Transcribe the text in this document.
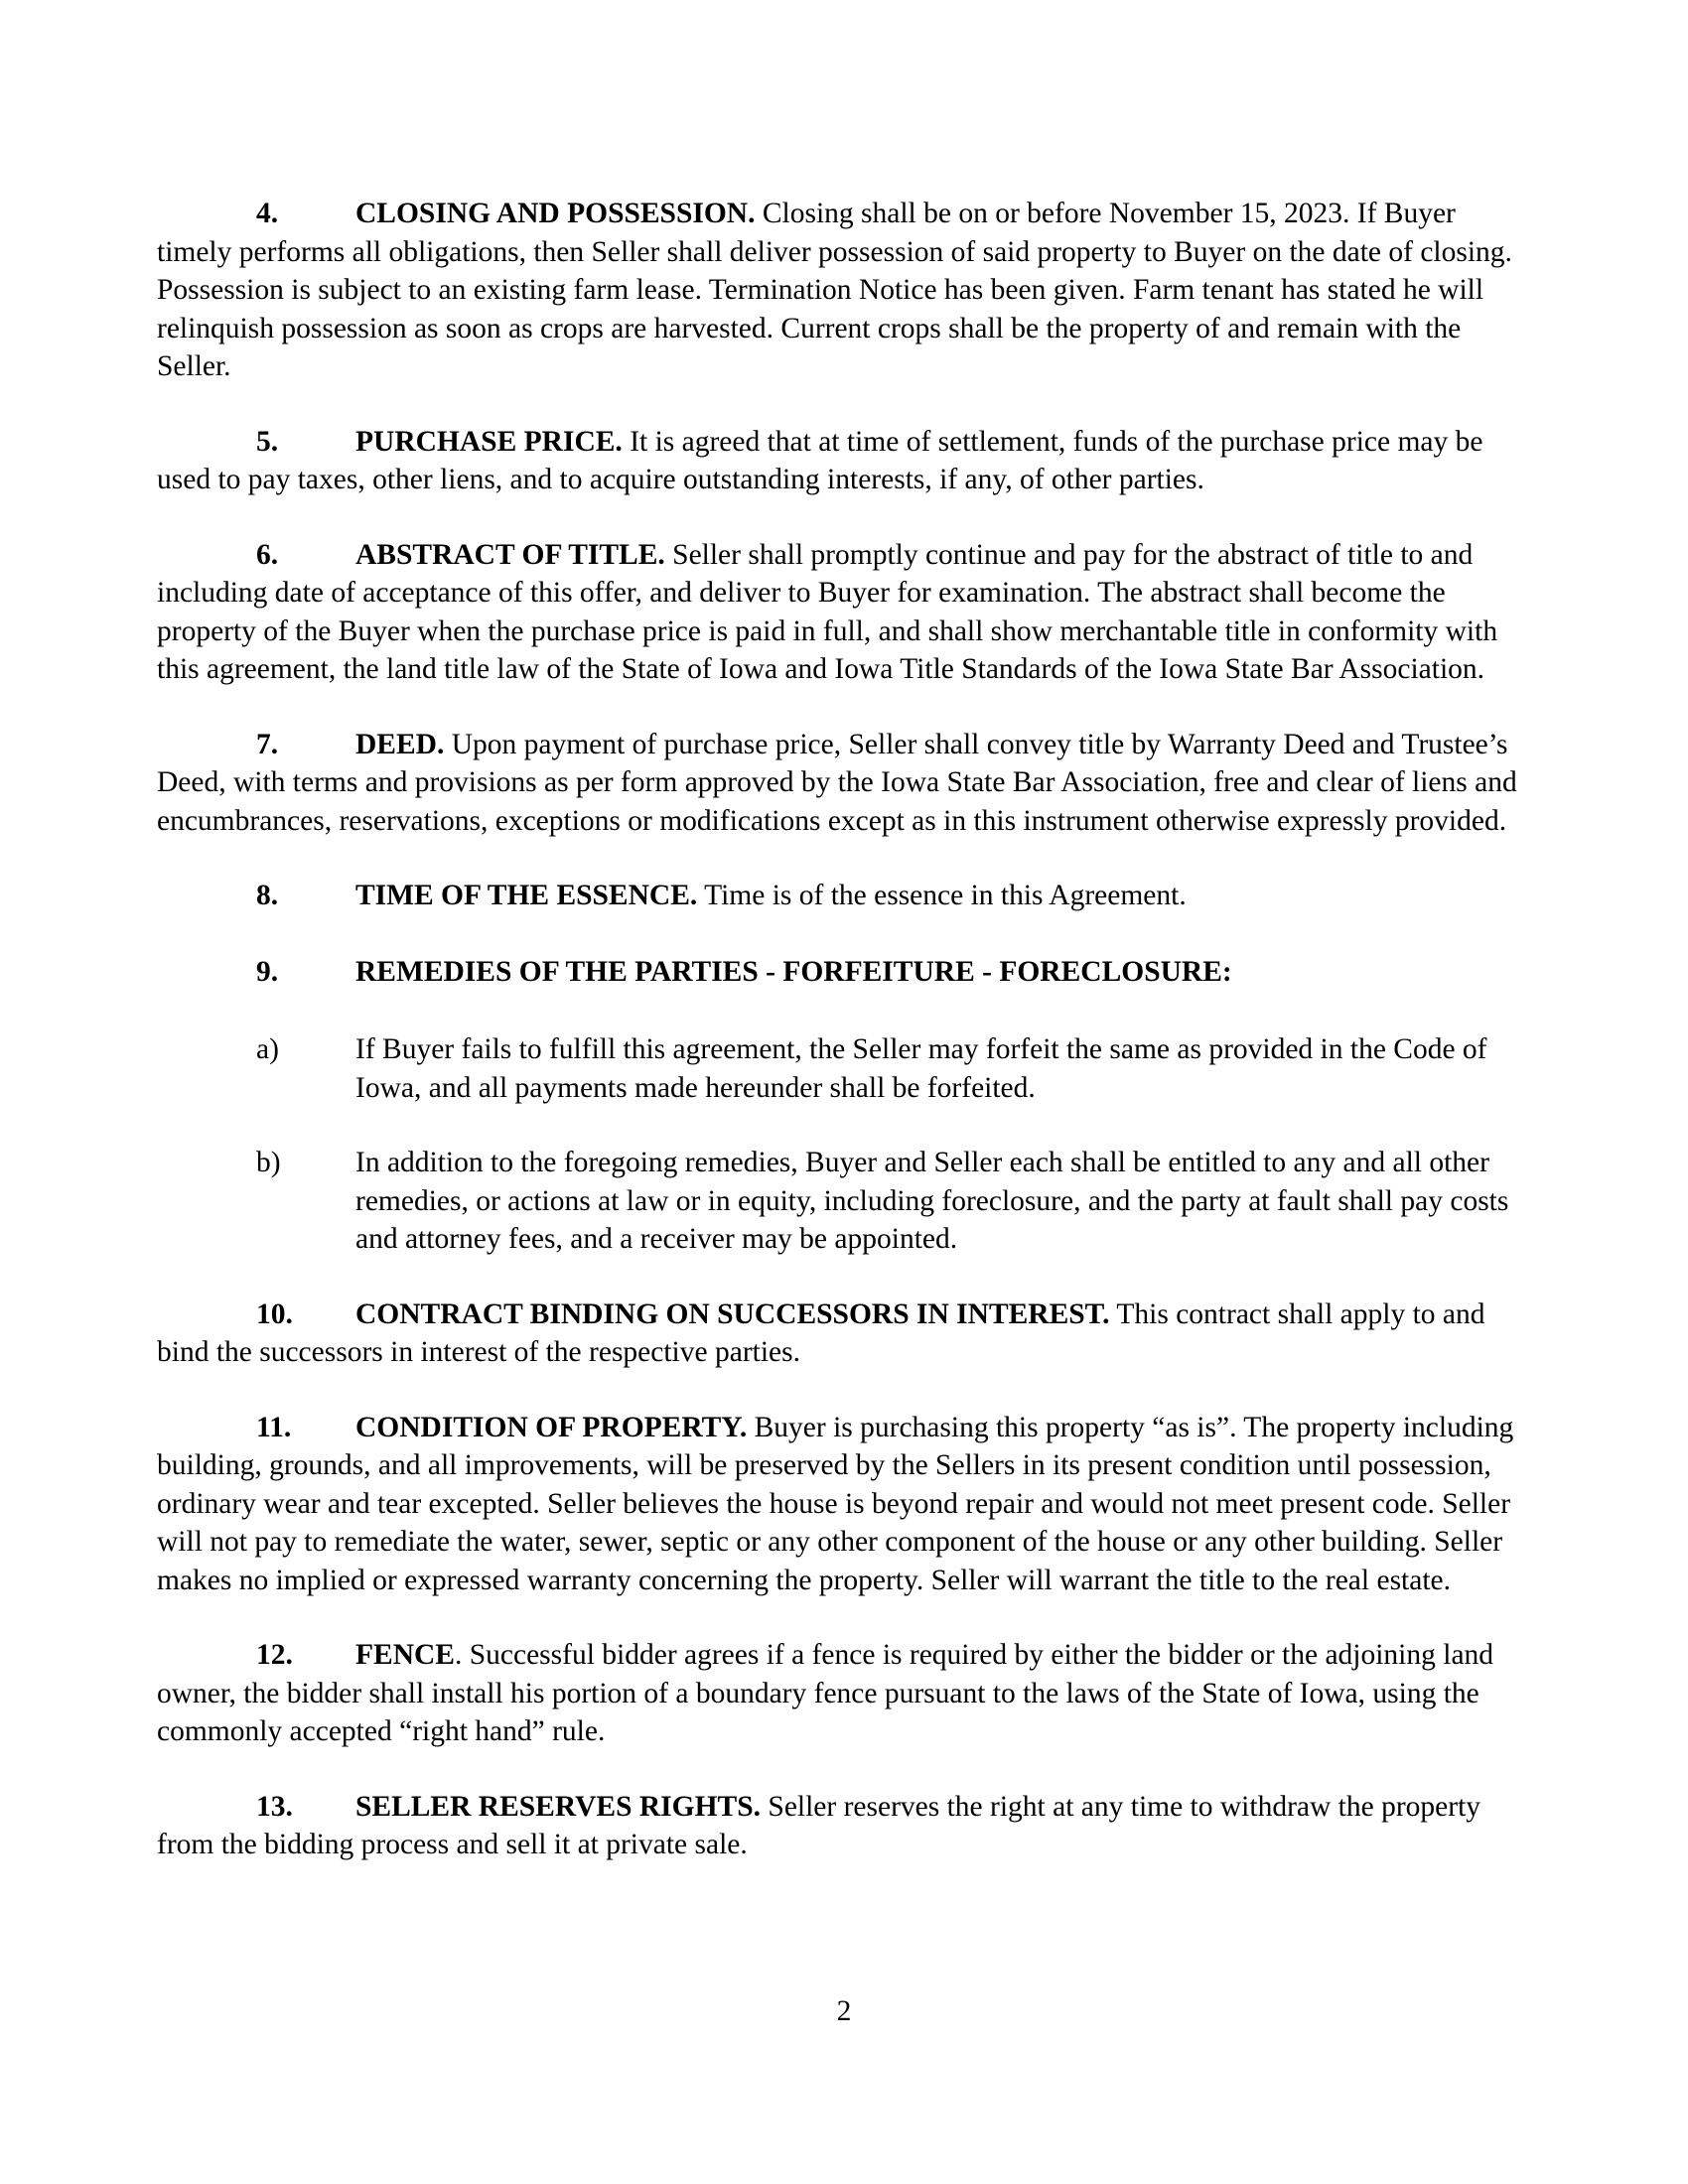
4.	CLOSING AND POSSESSION. Closing shall be on or before November 15, 2023. If Buyer timely performs all obligations, then Seller shall deliver possession of said property to Buyer on the date of closing. Possession is subject to an existing farm lease. Termination Notice has been given. Farm tenant has stated he will relinquish possession as soon as crops are harvested. Current crops shall be the property of and remain with the Seller.

5.	PURCHASE PRICE. It is agreed that at time of settlement, funds of the purchase price may be used to pay taxes, other liens, and to acquire outstanding interests, if any, of other parties.

6.	ABSTRACT OF TITLE. Seller shall promptly continue and pay for the abstract of title to and including date of acceptance of this offer, and deliver to Buyer for examination. The abstract shall become the property of the Buyer when the purchase price is paid in full, and shall show merchantable title in conformity with this agreement, the land title law of the State of Iowa and Iowa Title Standards of the Iowa State Bar Association.

7.	DEED. Upon payment of purchase price, Seller shall convey title by Warranty Deed and Trustee’s Deed, with terms and provisions as per form approved by the Iowa State Bar Association, free and clear of liens and encumbrances, reservations, exceptions or modifications except as in this instrument otherwise expressly provided.

8.	TIME OF THE ESSENCE. Time is of the essence in this Agreement.

9.	REMEDIES OF THE PARTIES - FORFEITURE - FORECLOSURE:

a)	If Buyer fails to fulfill this agreement, the Seller may forfeit the same as provided in the Code of Iowa, and all payments made hereunder shall be forfeited.

b)	In addition to the foregoing remedies, Buyer and Seller each shall be entitled to any and all other remedies, or actions at law or in equity, including foreclosure, and the party at fault shall pay costs and attorney fees, and a receiver may be appointed.

10. CONTRACT BINDING ON SUCCESSORS IN INTEREST. This contract shall apply to and bind the successors in interest of the respective parties.

11. CONDITION OF PROPERTY. Buyer is purchasing this property “as is”. The property including building, grounds, and all improvements, will be preserved by the Sellers in its present condition until possession, ordinary wear and tear excepted. Seller believes the house is beyond repair and would not meet present code. Seller will not pay to remediate the water, sewer, septic or any other component of the house or any other building. Seller makes no implied or expressed warranty concerning the property. Seller will warrant the title to the real estate.

12. FENCE. Successful bidder agrees if a fence is required by either the bidder or the adjoining land owner, the bidder shall install his portion of a boundary fence pursuant to the laws of the State of Iowa, using the commonly accepted “right hand” rule.

13. SELLER RESERVES RIGHTS. Seller reserves the right at any time to withdraw the property from the bidding process and sell it at private sale.

2
